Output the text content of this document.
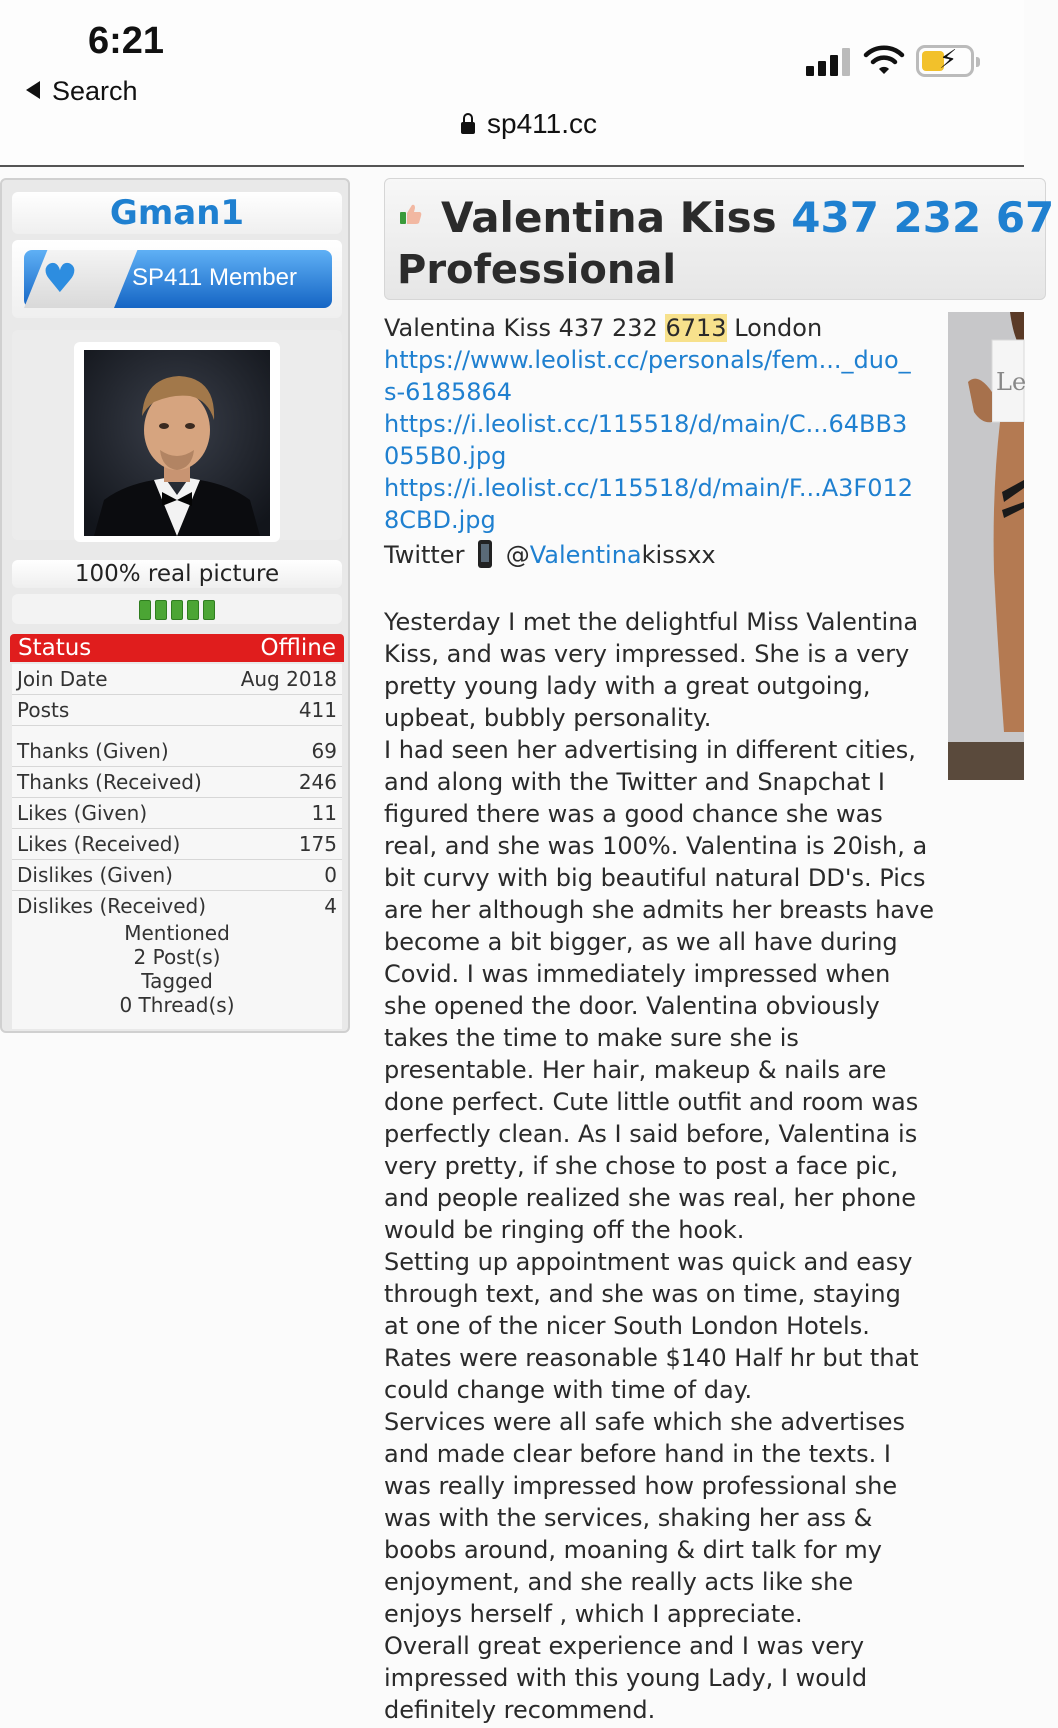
6:21
Search
⚡
sp411.cc
Gman1
♥ SP411 Member
100% real picture
Status	Offline
Join Date	Aug 2018
Posts	411
Thanks (Given)	69
Thanks (Received)	246
Likes (Given)	11
Likes (Received)	175
Dislikes (Given)	0
Dislikes (Received)	4
Mentioned
2 Post(s)
Tagged
0 Thread(s)
Valentina Kiss 437 232 67
Professional
Valentina Kiss 437 232 6713 London
https://www.leolist.cc/personals/fem..._duo_
s-6185864
https://i.leolist.cc/115518/d/main/C...64BB3
055B0.jpg
https://i.leolist.cc/115518/d/main/F...A3F012
8CBD.jpg
Twitter @Valentinakissxx
Yesterday I met the delightful Miss Valentina
Kiss, and was very impressed. She is a very
pretty young lady with a great outgoing,
upbeat, bubbly personality.
I had seen her advertising in different cities,
and along with the Twitter and Snapchat I
figured there was a good chance she was
real, and she was 100%. Valentina is 20ish, a
bit curvy with big beautiful natural DD's. Pics
are her although she admits her breasts have
become a bit bigger, as we all have during
Covid. I was immediately impressed when
she opened the door. Valentina obviously
takes the time to make sure she is
presentable. Her hair, makeup & nails are
done perfect. Cute little outfit and room was
perfectly clean. As I said before, Valentina is
very pretty, if she chose to post a face pic,
and people realized she was real, her phone
would be ringing off the hook.
Setting up appointment was quick and easy
through text, and she was on time, staying
at one of the nicer South London Hotels.
Rates were reasonable $140 Half hr but that
could change with time of day.
Services were all safe which she advertises
and made clear before hand in the texts. I
was really impressed how professional she
was with the services, shaking her ass &
boobs around, moaning & dirt talk for my
enjoyment, and she really acts like she
enjoys herself , which I appreciate.
Overall great experience and I was very
impressed with this young Lady, I would
definitely recommend.
Le
